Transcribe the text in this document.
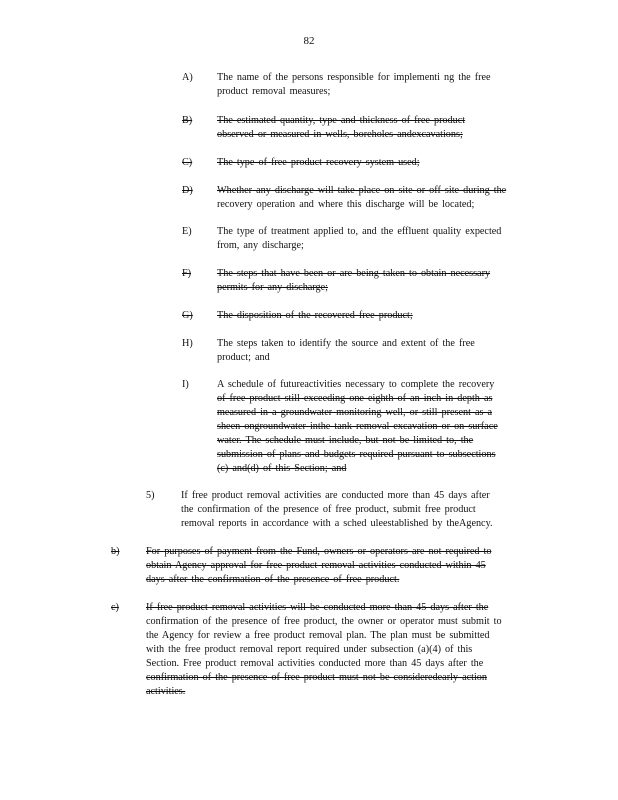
82
A) The name of the persons responsible for implementi ng the free
product removal measures;
B) The estimated quantity, type and thickness of free product
observed or measured in wells, boreholes andexcavations;
C) The type of free product recovery system used;
D) Whether any discharge will take place on site or off site during the
recovery operation and where this discharge will be located;
E) The type of treatment applied to, and the effluent quality expected
from, any discharge;
F)	The steps that have been or are being taken to obtain necessary
permits for any discharge;
G) The disposition of the recovered free product;
H) The steps taken to identify the source and extent of the free
product; and
I)	A schedule of futureactivities necessary to complete the recovery
of free product still exceeding one eighth of an inch in depth as
measured in a groundwater monitoring well, or still present as a
sheen ongroundwater inthe tank removal excavation or on surface
water. The schedule must include, but not be limited to, the
submission of plans and budgets required pursuant to subsections
(c) and(d) of this Section; and
5)	If free product removal activities are conducted more than 45 days after
the confirmation of the presence of free product, submit free product
removal reports in accordance with a sched uleestablished by theAgency.
b)	For purposes of payment from the Fund, owners or operators are not required to
obtain Agency approval for free product removal activities conducted within 45
days after the confirmation of the presence of free product.
c)	If free product removal activities will be conducted more than 45 days after the
confirmation of the presence of free product, the owner or operator must submit to
the Agency for review a free product removal plan. The plan must be submitted
with the free product removal report required under subsection (a)(4) of this
Section. Free product removal activities conducted more than 45 days after the
confirmation of the presence of free product must not be consideredearly action
activities.
